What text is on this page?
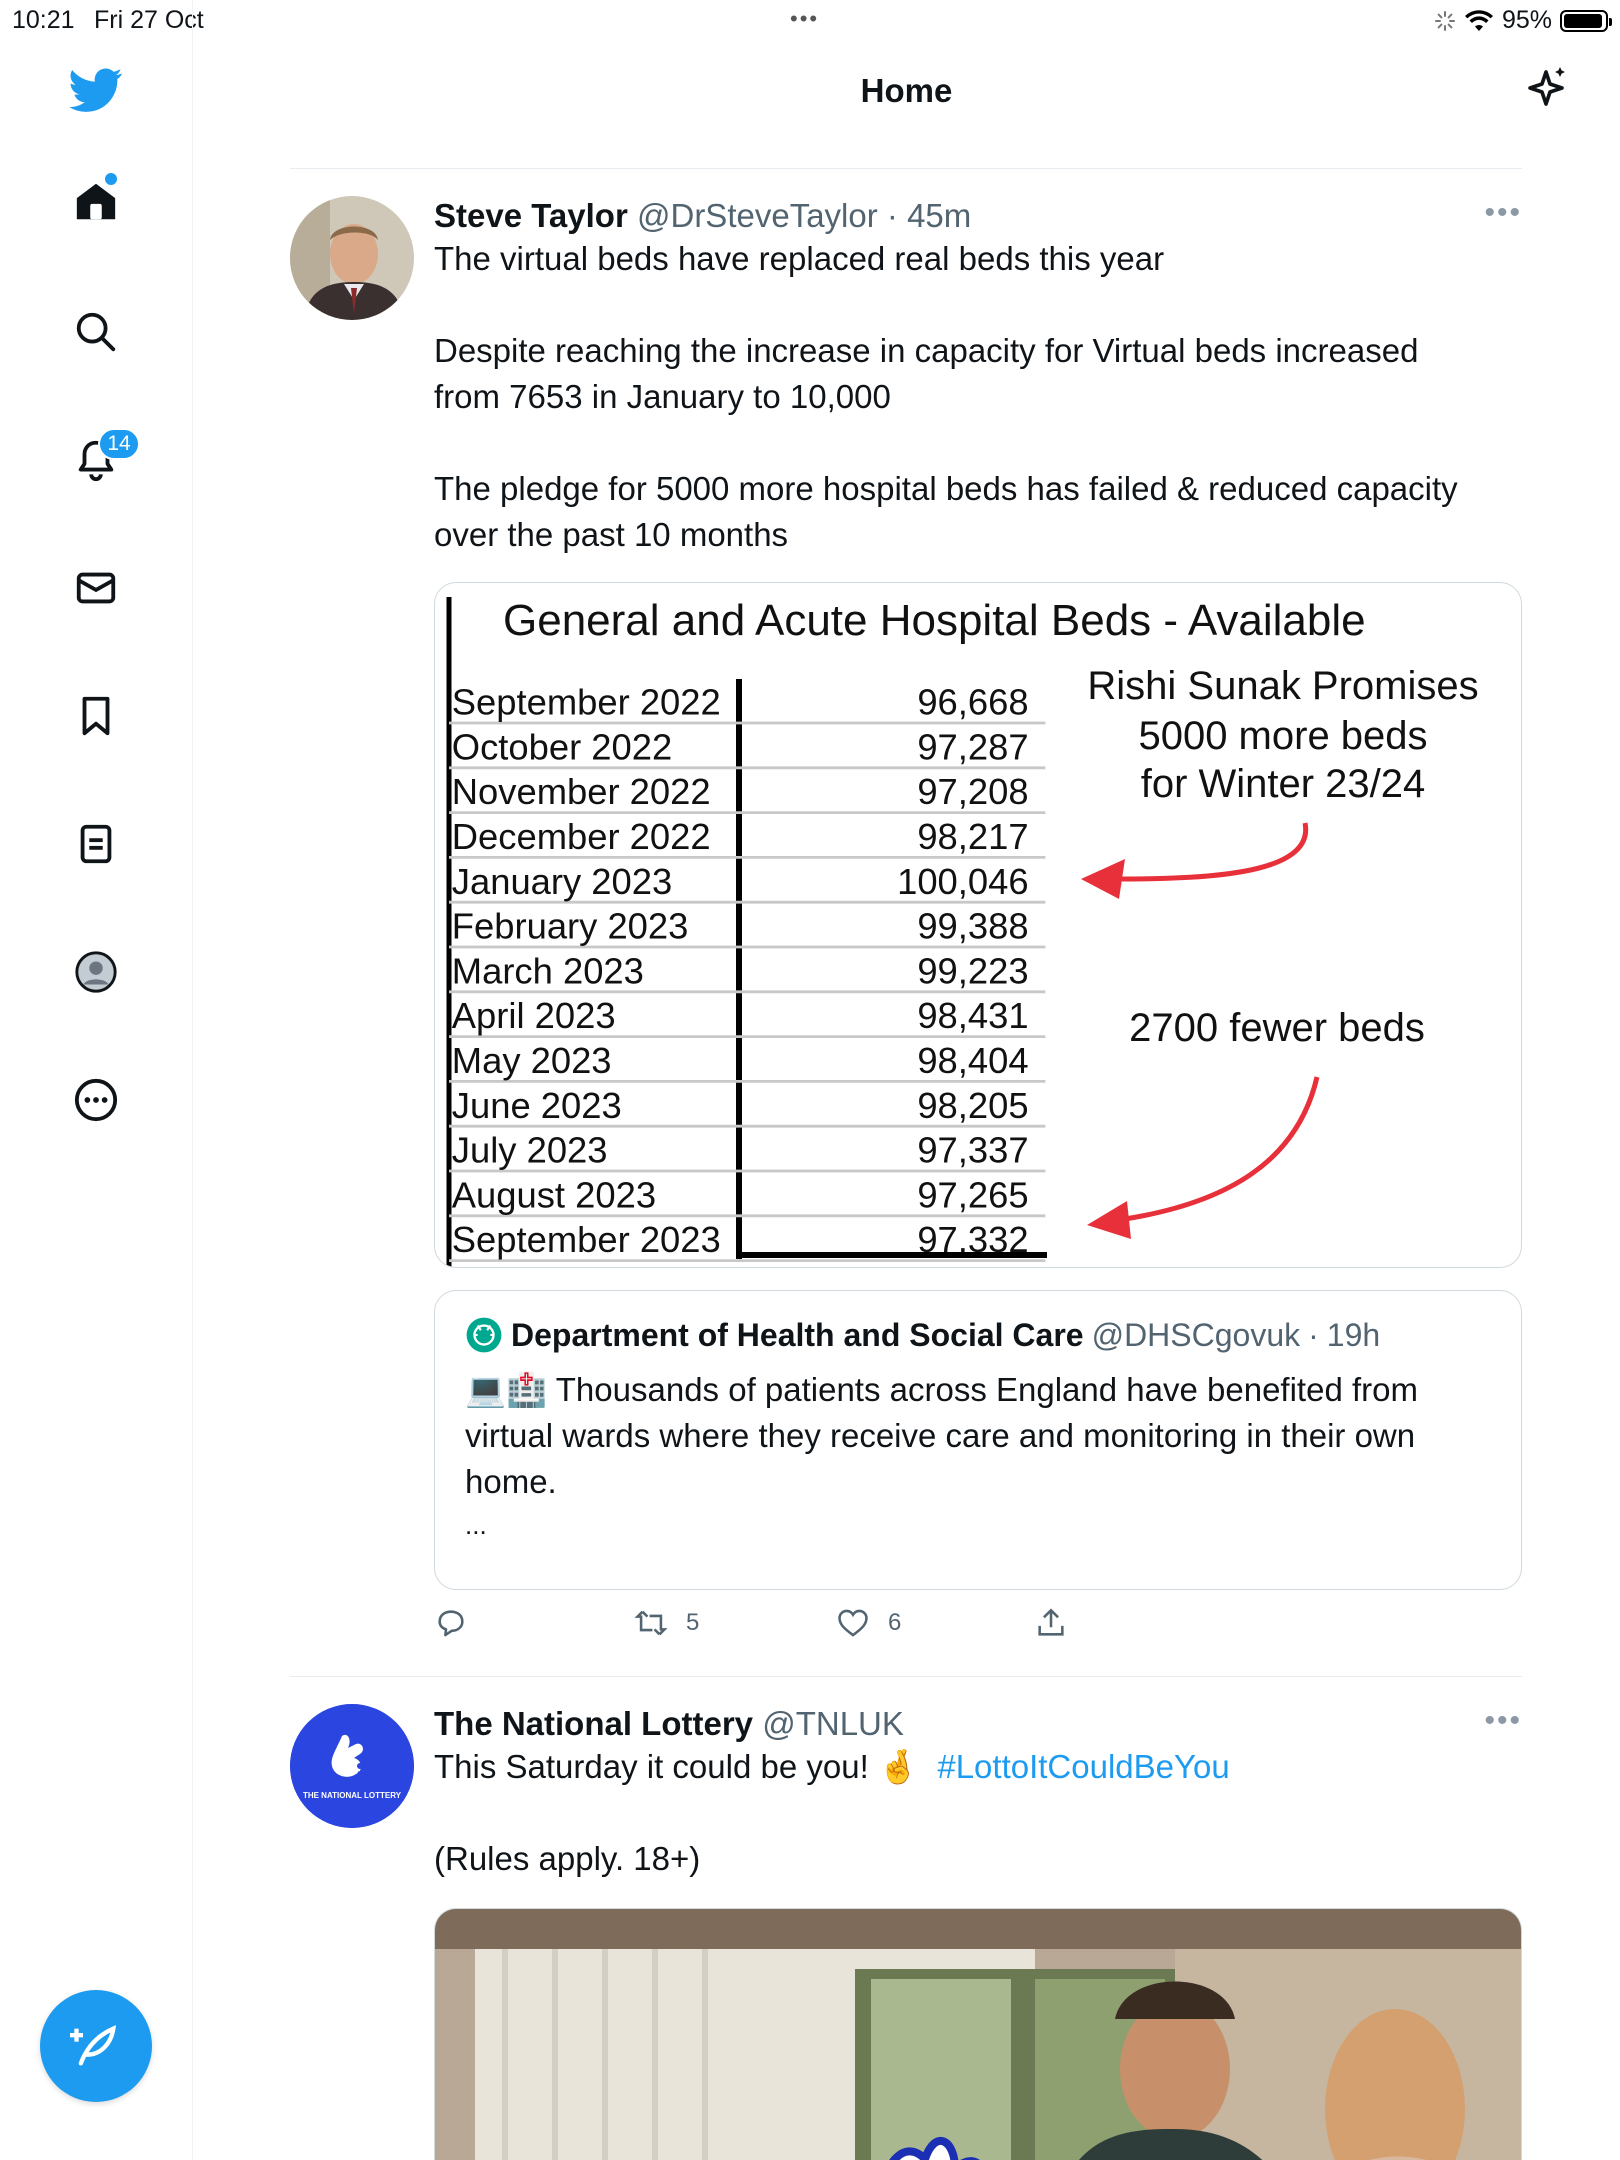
10:21 Fri 27 Oct	•••	95%
14
Home
Steve Taylor @DrSteveTaylor · 45m	•••
The virtual beds have replaced real beds this year
Despite reaching the increase in capacity for Virtual beds increased
from 7653 in January to 10,000
The pledge for 5000 more hospital beds has failed & reduced capacity
over the past 10 months
General and Acute Hospital Beds - Available
September 2022	96,668
October 2022	97,287
November 2022	97,208
December 2022	98,217
January 2023	100,046
February 2023	99,388
March 2023	99,223
April 2023	98,431
May 2023	98,404
June 2023	98,205
July 2023	97,337
August 2023	97,265
September 2023	97,332
Rishi Sunak Promises
5000 more beds
for Winter 23/24
2700 fewer beds
Department of Health and Social Care @DHSCgovuk · 19h
💻🏥 Thousands of patients across England have benefited from
virtual wards where they receive care and monitoring in their own
home.
...
5	6
THE NATIONAL LOTTERY
The National Lottery @TNLUK	•••
This Saturday it could be you! 🤞 #LottoItCouldBeYou
(Rules apply. 18+)
